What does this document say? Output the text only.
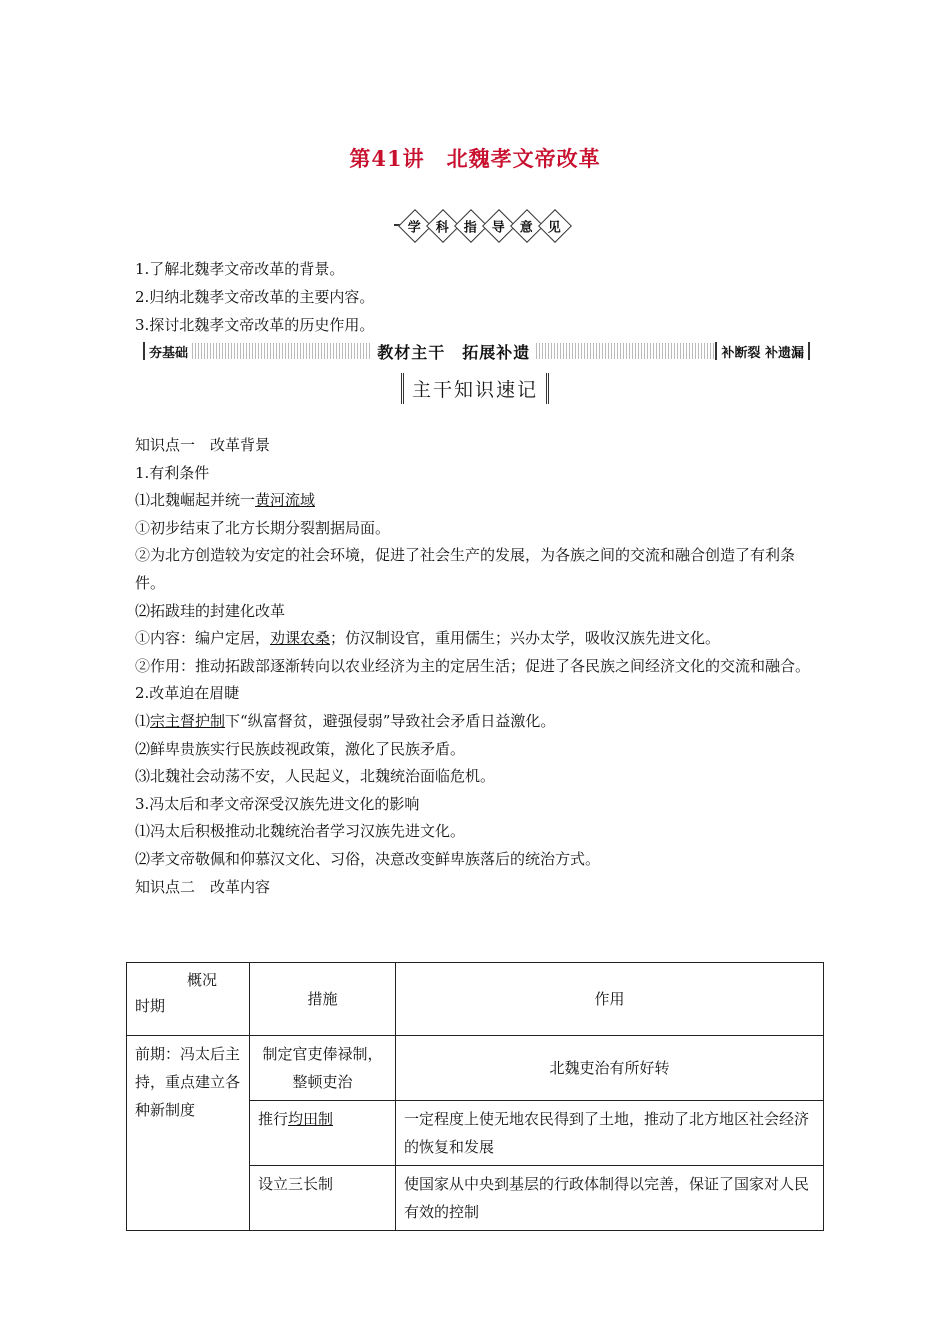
第41讲　北魏孝文帝改革
学 科 指 导 意 见
1.了解北魏孝文帝改革的背景。
2.归纳北魏孝文帝改革的主要内容。
3.探讨北魏孝文帝改革的历史作用。
夯基础	教材主干　拓展补遗	补断裂 补遗漏
主干知识速记

知识点一　改革背景

1.有利条件

⑴北魏崛起并统一黄河流域

①初步结束了北方长期分裂割据局面。

②为北方创造较为安定的社会环境，促进了社会生产的发展，为各族之间的交流和融合创造了有利条件。

⑵拓跋珪的封建化改革

①内容：编户定居，劝课农桑；仿汉制设官，重用儒生；兴办太学，吸收汉族先进文化。

②作用：推动拓跋部逐渐转向以农业经济为主的定居生活；促进了各民族之间经济文化的交流和融合。

2.改革迫在眉睫

⑴宗主督护制下“纵富督贫，避强侵弱”导致社会矛盾日益激化。

⑵鲜卑贵族实行民族歧视政策，激化了民族矛盾。

⑶北魏社会动荡不安，人民起义，北魏统治面临危机。

3.冯太后和孝文帝深受汉族先进文化的影响

⑴冯太后积极推动北魏统治者学习汉族先进文化。

⑵孝文帝敬佩和仰慕汉文化、习俗，决意改变鲜卑族落后的统治方式。

知识点二　改革内容

概况
时期	措施	作用
前期：冯太后主持，重点建立各种新制度	制定官吏俸禄制，整顿吏治	北魏吏治有所好转
	推行均田制	一定程度上使无地农民得到了土地，推动了北方地区社会经济的恢复和发展
	设立三长制	使国家从中央到基层的行政体制得以完善，保证了国家对人民有效的控制
